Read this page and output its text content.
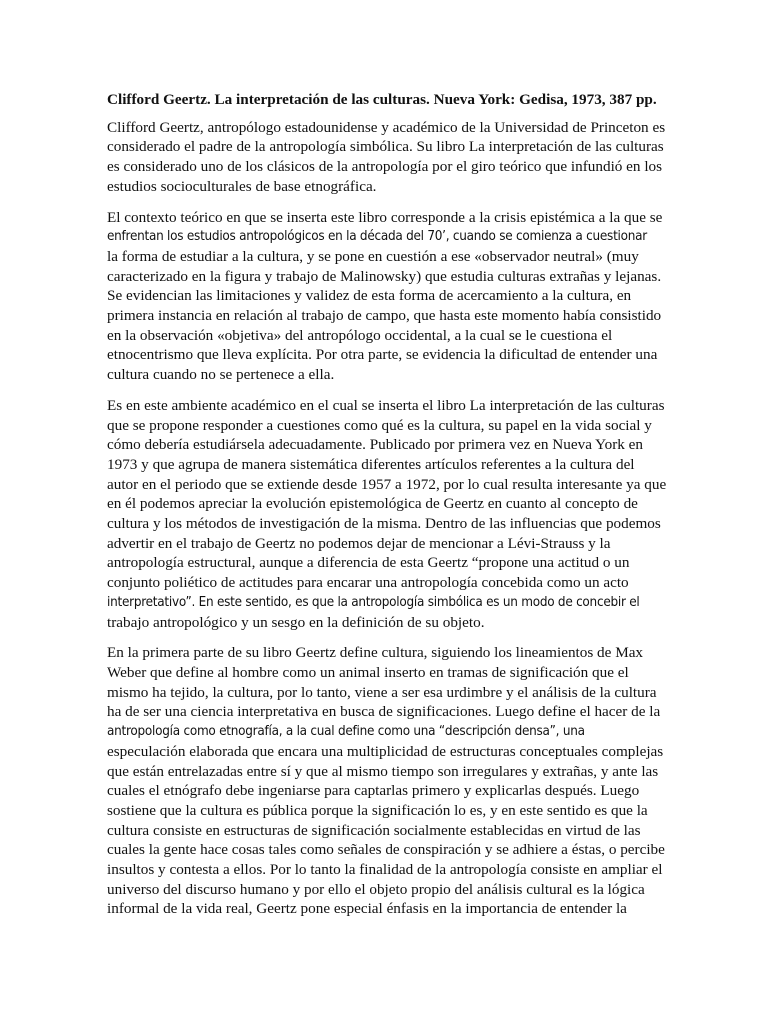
Clifford Geertz. La interpretación de las culturas. Nueva York: Gedisa, 1973, 387 pp.
Clifford Geertz, antropólogo estadounidense y académico de la Universidad de Princeton es
considerado el padre de la antropología simbólica. Su libro La interpretación de las culturas
es considerado uno de los clásicos de la antropología por el giro teórico que infundió en los
estudios socioculturales de base etnográfica.
El contexto teórico en que se inserta este libro corresponde a la crisis epistémica a la que se
enfrentan los estudios antropológicos en la década del 70’, cuando se comienza a cuestionar
la forma de estudiar a la cultura, y se pone en cuestión a ese «observador neutral» (muy
caracterizado en la figura y trabajo de Malinowsky) que estudia culturas extrañas y lejanas.
Se evidencian las limitaciones y validez de esta forma de acercamiento a la cultura, en
primera instancia en relación al trabajo de campo, que hasta este momento había consistido
en la observación «objetiva» del antropólogo occidental, a la cual se le cuestiona el
etnocentrismo que lleva explícita. Por otra parte, se evidencia la dificultad de entender una
cultura cuando no se pertenece a ella.
Es en este ambiente académico en el cual se inserta el libro La interpretación de las culturas
que se propone responder a cuestiones como qué es la cultura, su papel en la vida social y
cómo debería estudiársela adecuadamente. Publicado por primera vez en Nueva York en
1973 y que agrupa de manera sistemática diferentes artículos referentes a la cultura del
autor en el periodo que se extiende desde 1957 a 1972, por lo cual resulta interesante ya que
en él podemos apreciar la evolución epistemológica de Geertz en cuanto al concepto de
cultura y los métodos de investigación de la misma. Dentro de las influencias que podemos
advertir en el trabajo de Geertz no podemos dejar de mencionar a Lévi-Strauss y la
antropología estructural, aunque a diferencia de esta Geertz “propone una actitud o un
conjunto poliético de actitudes para encarar una antropología concebida como un acto
interpretativo”. En este sentido, es que la antropología simbólica es un modo de concebir el
trabajo antropológico y un sesgo en la definición de su objeto.
En la primera parte de su libro Geertz define cultura, siguiendo los lineamientos de Max
Weber que define al hombre como un animal inserto en tramas de significación que el
mismo ha tejido, la cultura, por lo tanto, viene a ser esa urdimbre y el análisis de la cultura
ha de ser una ciencia interpretativa en busca de significaciones. Luego define el hacer de la
antropología como etnografía, a la cual define como una “descripción densa”, una
especulación elaborada que encara una multiplicidad de estructuras conceptuales complejas
que están entrelazadas entre sí y que al mismo tiempo son irregulares y extrañas, y ante las
cuales el etnógrafo debe ingeniarse para captarlas primero y explicarlas después. Luego
sostiene que la cultura es pública porque la significación lo es, y en este sentido es que la
cultura consiste en estructuras de significación socialmente establecidas en virtud de las
cuales la gente hace cosas tales como señales de conspiración y se adhiere a éstas, o percibe
insultos y contesta a ellos. Por lo tanto la finalidad de la antropología consiste en ampliar el
universo del discurso humano y por ello el objeto propio del análisis cultural es la lógica
informal de la vida real, Geertz pone especial énfasis en la importancia de entender la
